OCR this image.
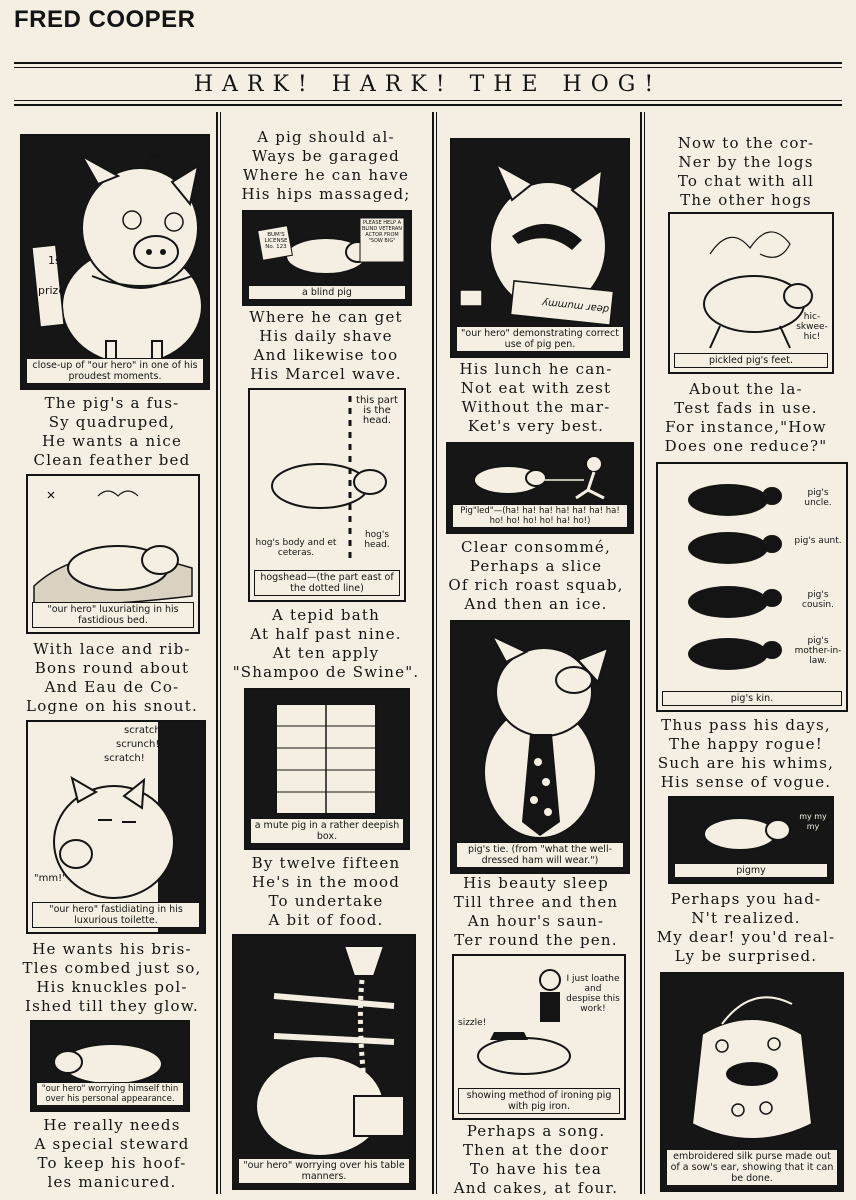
FRED COOPER
HARK! HARK! THE HOG!
1st
prize
close-up of "our hero" in one of his proudest moments.
The pig's a fus-
Sy quadruped,
He wants a nice
Clean feather bed
"our hero" luxuriating in his fastidious bed.
With lace and rib-
Bons round about
And Eau de Co-
Logne on his snout.
scratch!
scrunch!
scratch!
"mm!"
"our hero" fastidiating in his luxurious toilette.
He wants his bris-
Tles combed just so,
His knuckles pol-
Ished till they glow.
"our hero" worrying himself thin over his personal appearance.
He really needs
A special steward
To keep his hoof-
les manicured.
A pig should al-
Ways be garaged
Where he can have
His hips massaged;
BUM'S LICENSE No. 123
PLEASE HELP A BLIND VETERAN ACTOR FROM "SOW BIG"
a blind pig
Where he can get
His daily shave
And likewise too
His Marcel wave.
this part is the head.
hog's body and et ceteras.
hog's head.
hogshead—(the part east of the dotted line)
A tepid bath
At half past nine.
At ten apply
"Shampoo de Swine".
a mute pig in a rather deepish box.
By twelve fifteen
He's in the mood
To undertake
A bit of food.
"our hero" worrying over his table manners.
dear mummy
"our hero" demonstrating correct use of pig pen.
His lunch he can-
Not eat with zest
Without the mar-
Ket's very best.
Pig"led"—(ha! ha! ha! ha! ha! ha! ha! ho! ho! ho! ho! ha! ho!)
Clear consommé,
Perhaps a slice
Of rich roast squab,
And then an ice.
pig's tie. (from "what the well-dressed ham will wear.")
His beauty sleep
Till three and then
An hour's saun-
Ter round the pen.
I just loathe and despise this work!
sizzle!
showing method of ironing pig with pig iron.
Perhaps a song.
Then at the door
To have his tea
And cakes, at four.
Now to the cor-
Ner by the logs
To chat with all
The other hogs
hic-skwee-hic!
pickled pig's feet.
About the la-
Test fads in use.
For instance,"How
Does one reduce?"
pig's uncle.
pig's aunt.
pig's cousin.
pig's mother-in-law.
pig's kin.
Thus pass his days,
The happy rogue!
Such are his whims,
His sense of vogue.
my my my
pigmy
Perhaps you had-
N't realized.
My dear! you'd real-
Ly be surprised.
embroidered silk purse made out of a sow's ear, showing that it can be done.
